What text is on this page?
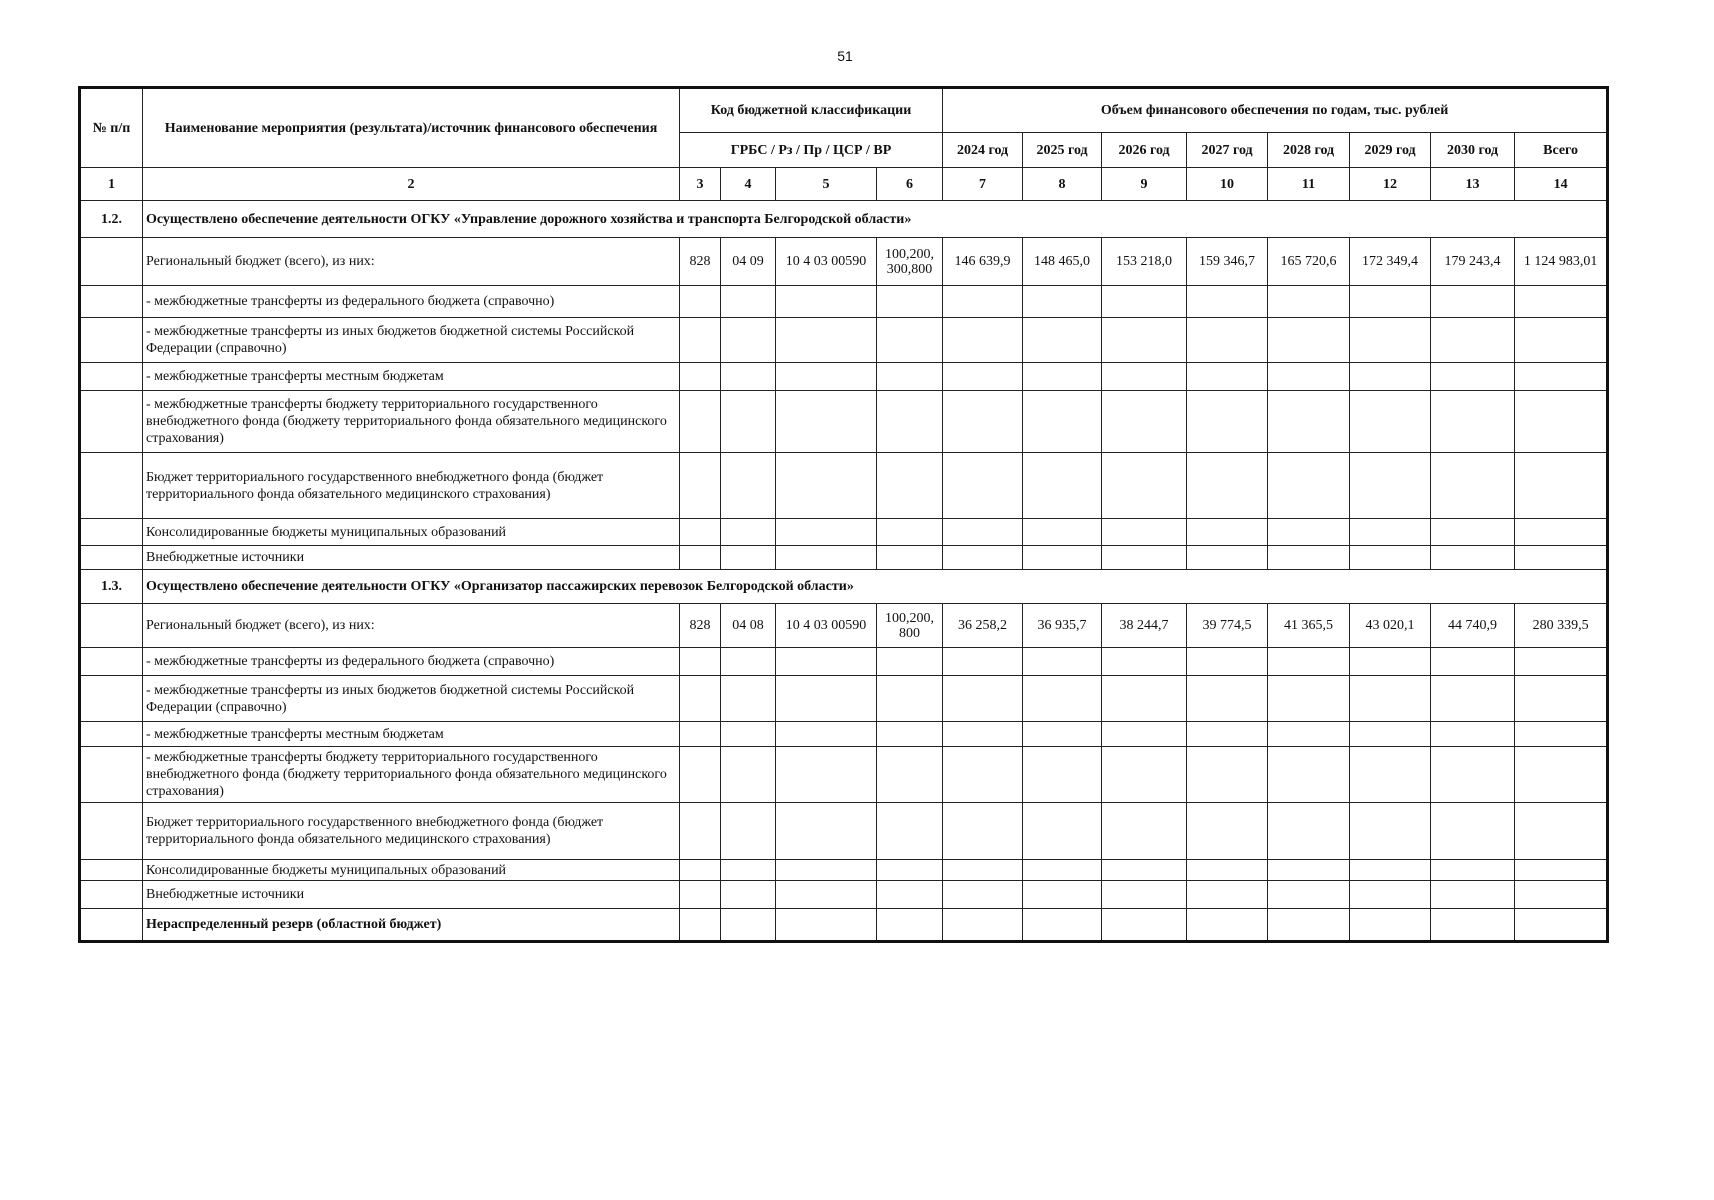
51
№ п/п	Наименование мероприятия (результата)/источник финансового обеспечения	Код бюджетной классификации				Объем финансового обеспечения по годам, тыс. рублей							
		ГРБС / Рз / Пр / ЦСР / ВР				2024 год	2025 год	2026 год	2027 год	2028 год	2029 год	2030 год	Всего
1	2	3	4	5	6	7	8	9	10	11	12	13	14
1.2.	Осуществлено обеспечение деятельности ОГКУ «Управление дорожного хозяйства и транспорта Белгородской области»												
	Региональный бюджет (всего), из них:	828	04 09	10 4 03 00590	100,200, 300,800	146 639,9	148 465,0	153 218,0	159 346,7	165 720,6	172 349,4	179 243,4	1 124 983,01
	- межбюджетные трансферты из федерального бюджета (справочно)												
	- межбюджетные трансферты из иных бюджетов бюджетной системы Российской Федерации (справочно)												
	- межбюджетные трансферты местным бюджетам												
	- межбюджетные трансферты бюджету территориального государственного внебюджетного фонда (бюджету территориального фонда обязательного медицинского страхования)												
	Бюджет территориального государственного внебюджетного фонда (бюджет территориального фонда обязательного медицинского страхования)												
	Консолидированные бюджеты муниципальных образований												
	Внебюджетные источники												
1.3.	Осуществлено обеспечение деятельности ОГКУ «Организатор пассажирских перевозок Белгородской области»												
	Региональный бюджет (всего), из них:	828	04 08	10 4 03 00590	100,200, 800	36 258,2	36 935,7	38 244,7	39 774,5	41 365,5	43 020,1	44 740,9	280 339,5
	- межбюджетные трансферты из федерального бюджета (справочно)												
	- межбюджетные трансферты из иных бюджетов бюджетной системы Российской Федерации (справочно)												
	- межбюджетные трансферты местным бюджетам												
	- межбюджетные трансферты бюджету территориального государственного внебюджетного фонда (бюджету территориального фонда обязательного медицинского страхования)												
	Бюджет территориального государственного внебюджетного фонда (бюджет территориального фонда обязательного медицинского страхования)												
	Консолидированные бюджеты муниципальных образований												
	Внебюджетные источники												
	Нераспределенный резерв (областной бюджет)												
